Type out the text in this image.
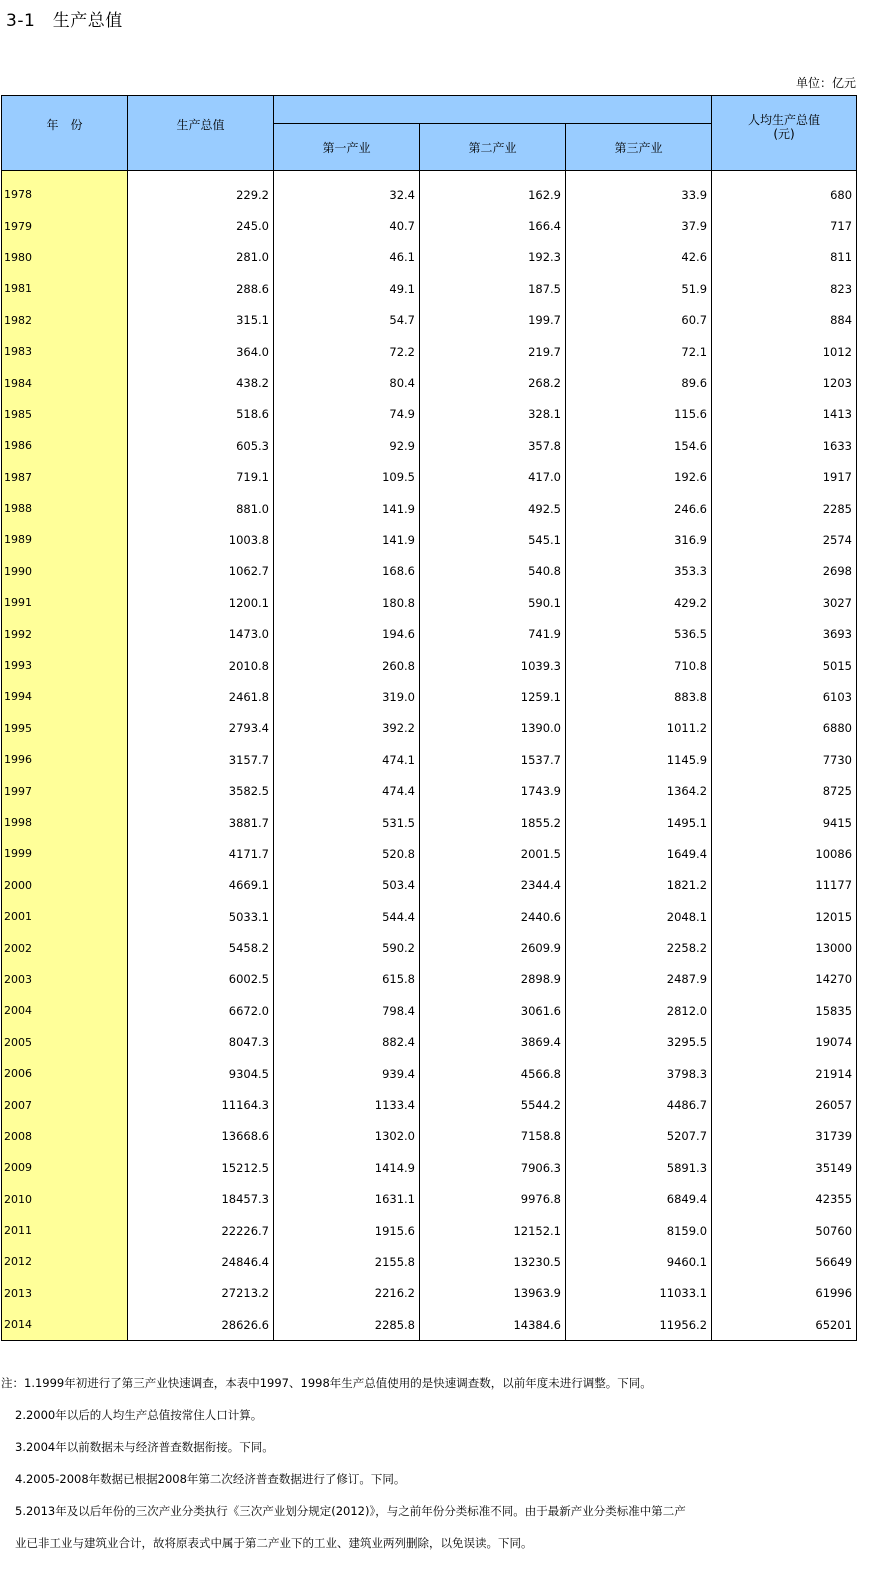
3-1　生产总值
单位：亿元
年　份	生产总值				人均生产总值
(元)
		第一产业	第二产业	第三产业	
1978	229.2	32.4	162.9	33.9	680
1979	245.0	40.7	166.4	37.9	717
1980	281.0	46.1	192.3	42.6	811
1981	288.6	49.1	187.5	51.9	823
1982	315.1	54.7	199.7	60.7	884
1983	364.0	72.2	219.7	72.1	1012
1984	438.2	80.4	268.2	89.6	1203
1985	518.6	74.9	328.1	115.6	1413
1986	605.3	92.9	357.8	154.6	1633
1987	719.1	109.5	417.0	192.6	1917
1988	881.0	141.9	492.5	246.6	2285
1989	1003.8	141.9	545.1	316.9	2574
1990	1062.7	168.6	540.8	353.3	2698
1991	1200.1	180.8	590.1	429.2	3027
1992	1473.0	194.6	741.9	536.5	3693
1993	2010.8	260.8	1039.3	710.8	5015
1994	2461.8	319.0	1259.1	883.8	6103
1995	2793.4	392.2	1390.0	1011.2	6880
1996	3157.7	474.1	1537.7	1145.9	7730
1997	3582.5	474.4	1743.9	1364.2	8725
1998	3881.7	531.5	1855.2	1495.1	9415
1999	4171.7	520.8	2001.5	1649.4	10086
2000	4669.1	503.4	2344.4	1821.2	11177
2001	5033.1	544.4	2440.6	2048.1	12015
2002	5458.2	590.2	2609.9	2258.2	13000
2003	6002.5	615.8	2898.9	2487.9	14270
2004	6672.0	798.4	3061.6	2812.0	15835
2005	8047.3	882.4	3869.4	3295.5	19074
2006	9304.5	939.4	4566.8	3798.3	21914
2007	11164.3	1133.4	5544.2	4486.7	26057
2008	13668.6	1302.0	7158.8	5207.7	31739
2009	15212.5	1414.9	7906.3	5891.3	35149
2010	18457.3	1631.1	9976.8	6849.4	42355
2011	22226.7	1915.6	12152.1	8159.0	50760
2012	24846.4	2155.8	13230.5	9460.1	56649
2013	27213.2	2216.2	13963.9	11033.1	61996
2014	28626.6	2285.8	14384.6	11956.2	65201
注：1.1999年初进行了第三产业快速调查，本表中1997、1998年生产总值使用的是快速调查数，以前年度未进行调整。下同。
2.2000年以后的人均生产总值按常住人口计算。
3.2004年以前数据未与经济普查数据衔接。下同。
4.2005-2008年数据已根据2008年第二次经济普查数据进行了修订。下同。
5.2013年及以后年份的三次产业分类执行《三次产业划分规定(2012)》，与之前年份分类标准不同。由于最新产业分类标准中第二产
业已非工业与建筑业合计，故将原表式中属于第二产业下的工业、建筑业两列删除，以免误读。下同。
